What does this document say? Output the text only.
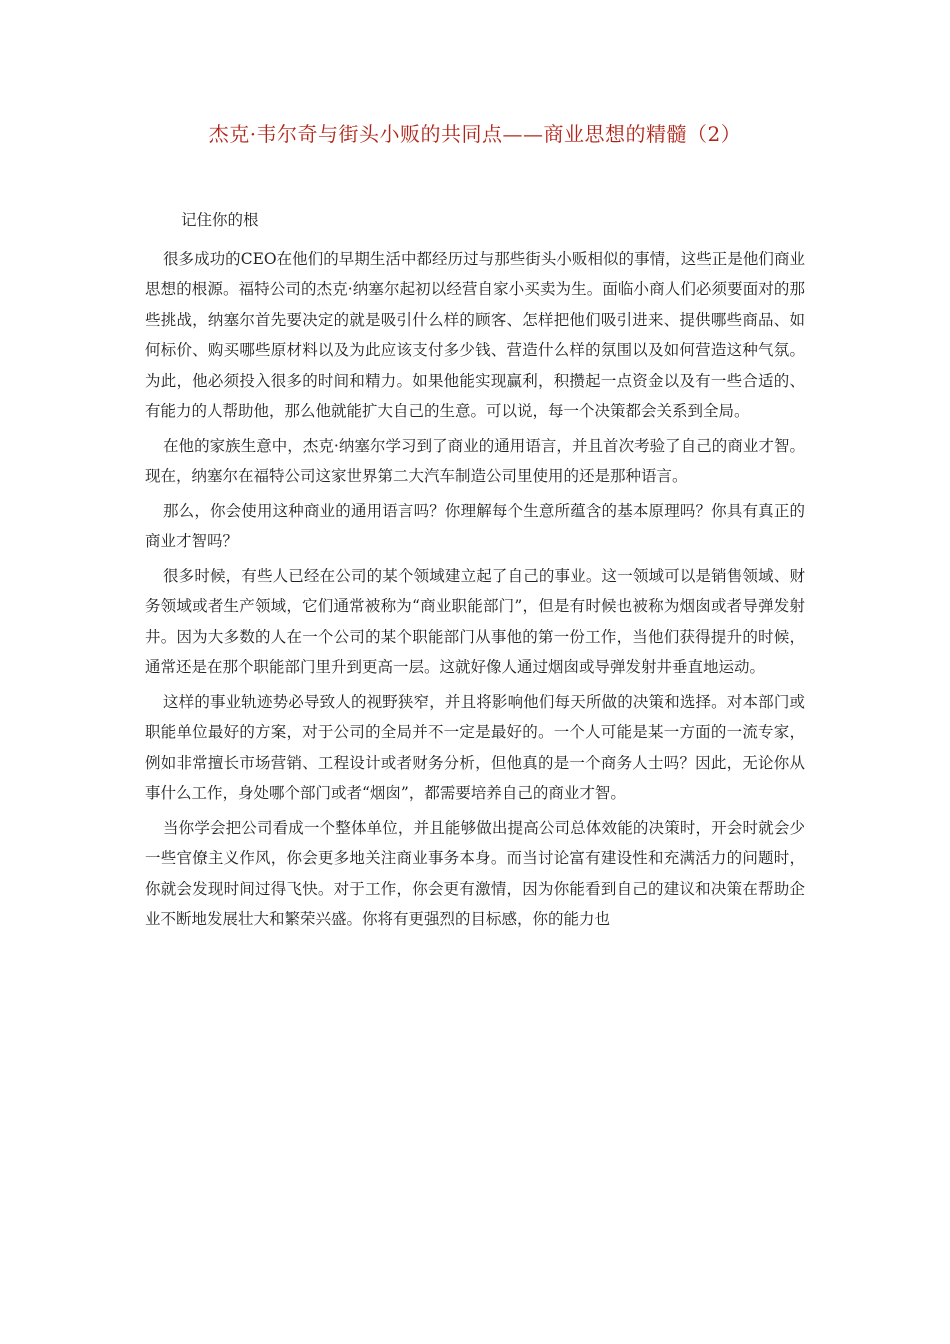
杰克·韦尔奇与街头小贩的共同点——商业思想的精髓（2）

记住你的根

很多成功的CEO在他们的早期生活中都经历过与那些街头小贩相似的事情，这些正是他们商业思想的根源。福特公司的杰克·纳塞尔起初以经营自家小买卖为生。面临小商人们必须要面对的那些挑战，纳塞尔首先要决定的就是吸引什么样的顾客、怎样把他们吸引进来、提供哪些商品、如何标价、购买哪些原材料以及为此应该支付多少钱、营造什么样的氛围以及如何营造这种气氛。为此，他必须投入很多的时间和精力。如果他能实现赢利，积攒起一点资金以及有一些合适的、有能力的人帮助他，那么他就能扩大自己的生意。可以说，每一个决策都会关系到全局。

在他的家族生意中，杰克·纳塞尔学习到了商业的通用语言，并且首次考验了自己的商业才智。现在，纳塞尔在福特公司这家世界第二大汽车制造公司里使用的还是那种语言。

那么，你会使用这种商业的通用语言吗？你理解每个生意所蕴含的基本原理吗？你具有真正的商业才智吗？

很多时候，有些人已经在公司的某个领域建立起了自己的事业。这一领域可以是销售领域、财务领域或者生产领域，它们通常被称为“商业职能部门”，但是有时候也被称为烟囱或者导弹发射井。因为大多数的人在一个公司的某个职能部门从事他的第一份工作，当他们获得提升的时候，通常还是在那个职能部门里升到更高一层。这就好像人通过烟囱或导弹发射井垂直地运动。

这样的事业轨迹势必导致人的视野狭窄，并且将影响他们每天所做的决策和选择。对本部门或职能单位最好的方案，对于公司的全局并不一定是最好的。一个人可能是某一方面的一流专家，例如非常擅长市场营销、工程设计或者财务分析，但他真的是一个商务人士吗？因此，无论你从事什么工作，身处哪个部门或者“烟囱”，都需要培养自己的商业才智。

当你学会把公司看成一个整体单位，并且能够做出提高公司总体效能的决策时，开会时就会少一些官僚主义作风，你会更多地关注商业事务本身。而当讨论富有建设性和充满活力的问题时，你就会发现时间过得飞快。对于工作，你会更有激情，因为你能看到自己的建议和决策在帮助企业不断地发展壮大和繁荣兴盛。你将有更强烈的目标感，你的能力也
